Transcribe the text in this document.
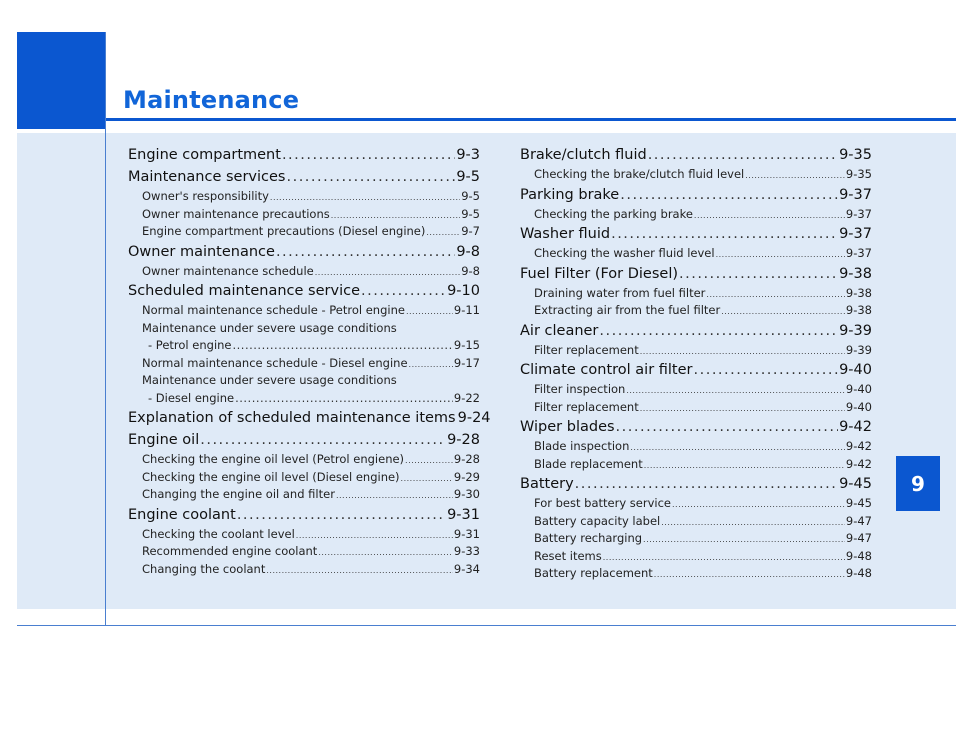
Maintenance
9
Engine compartment .....	9-3
Maintenance services .....	9-5
Owner's responsibility .....	9-5
Owner maintenance precautions .....	9-5
Engine compartment precautions (Diesel engine) .....	9-7
Owner maintenance .....	9-8
Owner maintenance schedule .....	9-8
Scheduled maintenance service .....	9-10
Normal maintenance schedule - Petrol engine .....	9-11
Maintenance under severe usage conditions
- Petrol engine .....	9-15
Normal maintenance schedule - Diesel engine .....	9-17
Maintenance under severe usage conditions
- Diesel engine .....	9-22
Explanation of scheduled maintenance items 9-24
Engine oil .....	9-28
Checking the engine oil level (Petrol engiene) .....	9-28
Checking the engine oil level (Diesel engine) .....	9-29
Changing the engine oil and filter .....	9-30
Engine coolant .....	9-31
Checking the coolant level .....	9-31
Recommended engine coolant .....	9-33
Changing the coolant .....	9-34
Brake/clutch fluid .....	9-35
Checking the brake/clutch fluid level .....	9-35
Parking brake .....	9-37
Checking the parking brake .....	9-37
Washer fluid .....	9-37
Checking the washer fluid level .....	9-37
Fuel Filter (For Diesel) .....	9-38
Draining water from fuel filter .....	9-38
Extracting air from the fuel filter .....	9-38
Air cleaner .....	9-39
Filter replacement .....	9-39
Climate control air filter .....	9-40
Filter inspection .....	9-40
Filter replacement .....	9-40
Wiper blades .....	9-42
Blade inspection .....	9-42
Blade replacement .....	9-42
Battery .....	9-45
For best battery service .....	9-45
Battery capacity label .....	9-47
Battery recharging .....	9-47
Reset items .....	9-48
Battery replacement .....	9-48
